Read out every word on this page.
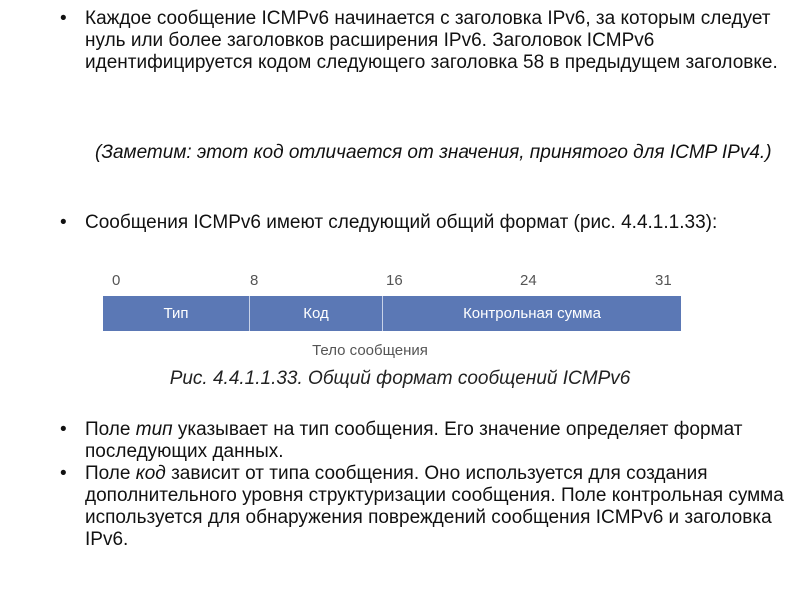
• Каждое сообщение ICMPv6 начинается с заголовка IPv6, за которым следует нуль или более заголовков расширения IPv6. Заголовок ICMPv6 идентифицируется кодом следующего заголовка 58 в предыдущем заголовке.
(Заметим: этот код отличается от значения, принятого для ICMP IPv4.)
• Сообщения ICMPv6 имеют следующий общий формат (рис. 4.4.1.1.33):
0	8	16	24	31
Тип	Код	Контрольная сумма
Тело сообщения
Рис. 4.4.1.1.33. Общий формат сообщений ICMPv6
• Поле тип указывает на тип сообщения. Его значение определяет формат последующих данных.
• Поле код зависит от типа сообщения. Оно используется для создания дополнительного уровня структуризации сообщения. Поле контрольная сумма используется для обнаружения повреждений сообщения ICMPv6 и заголовка IPv6.
